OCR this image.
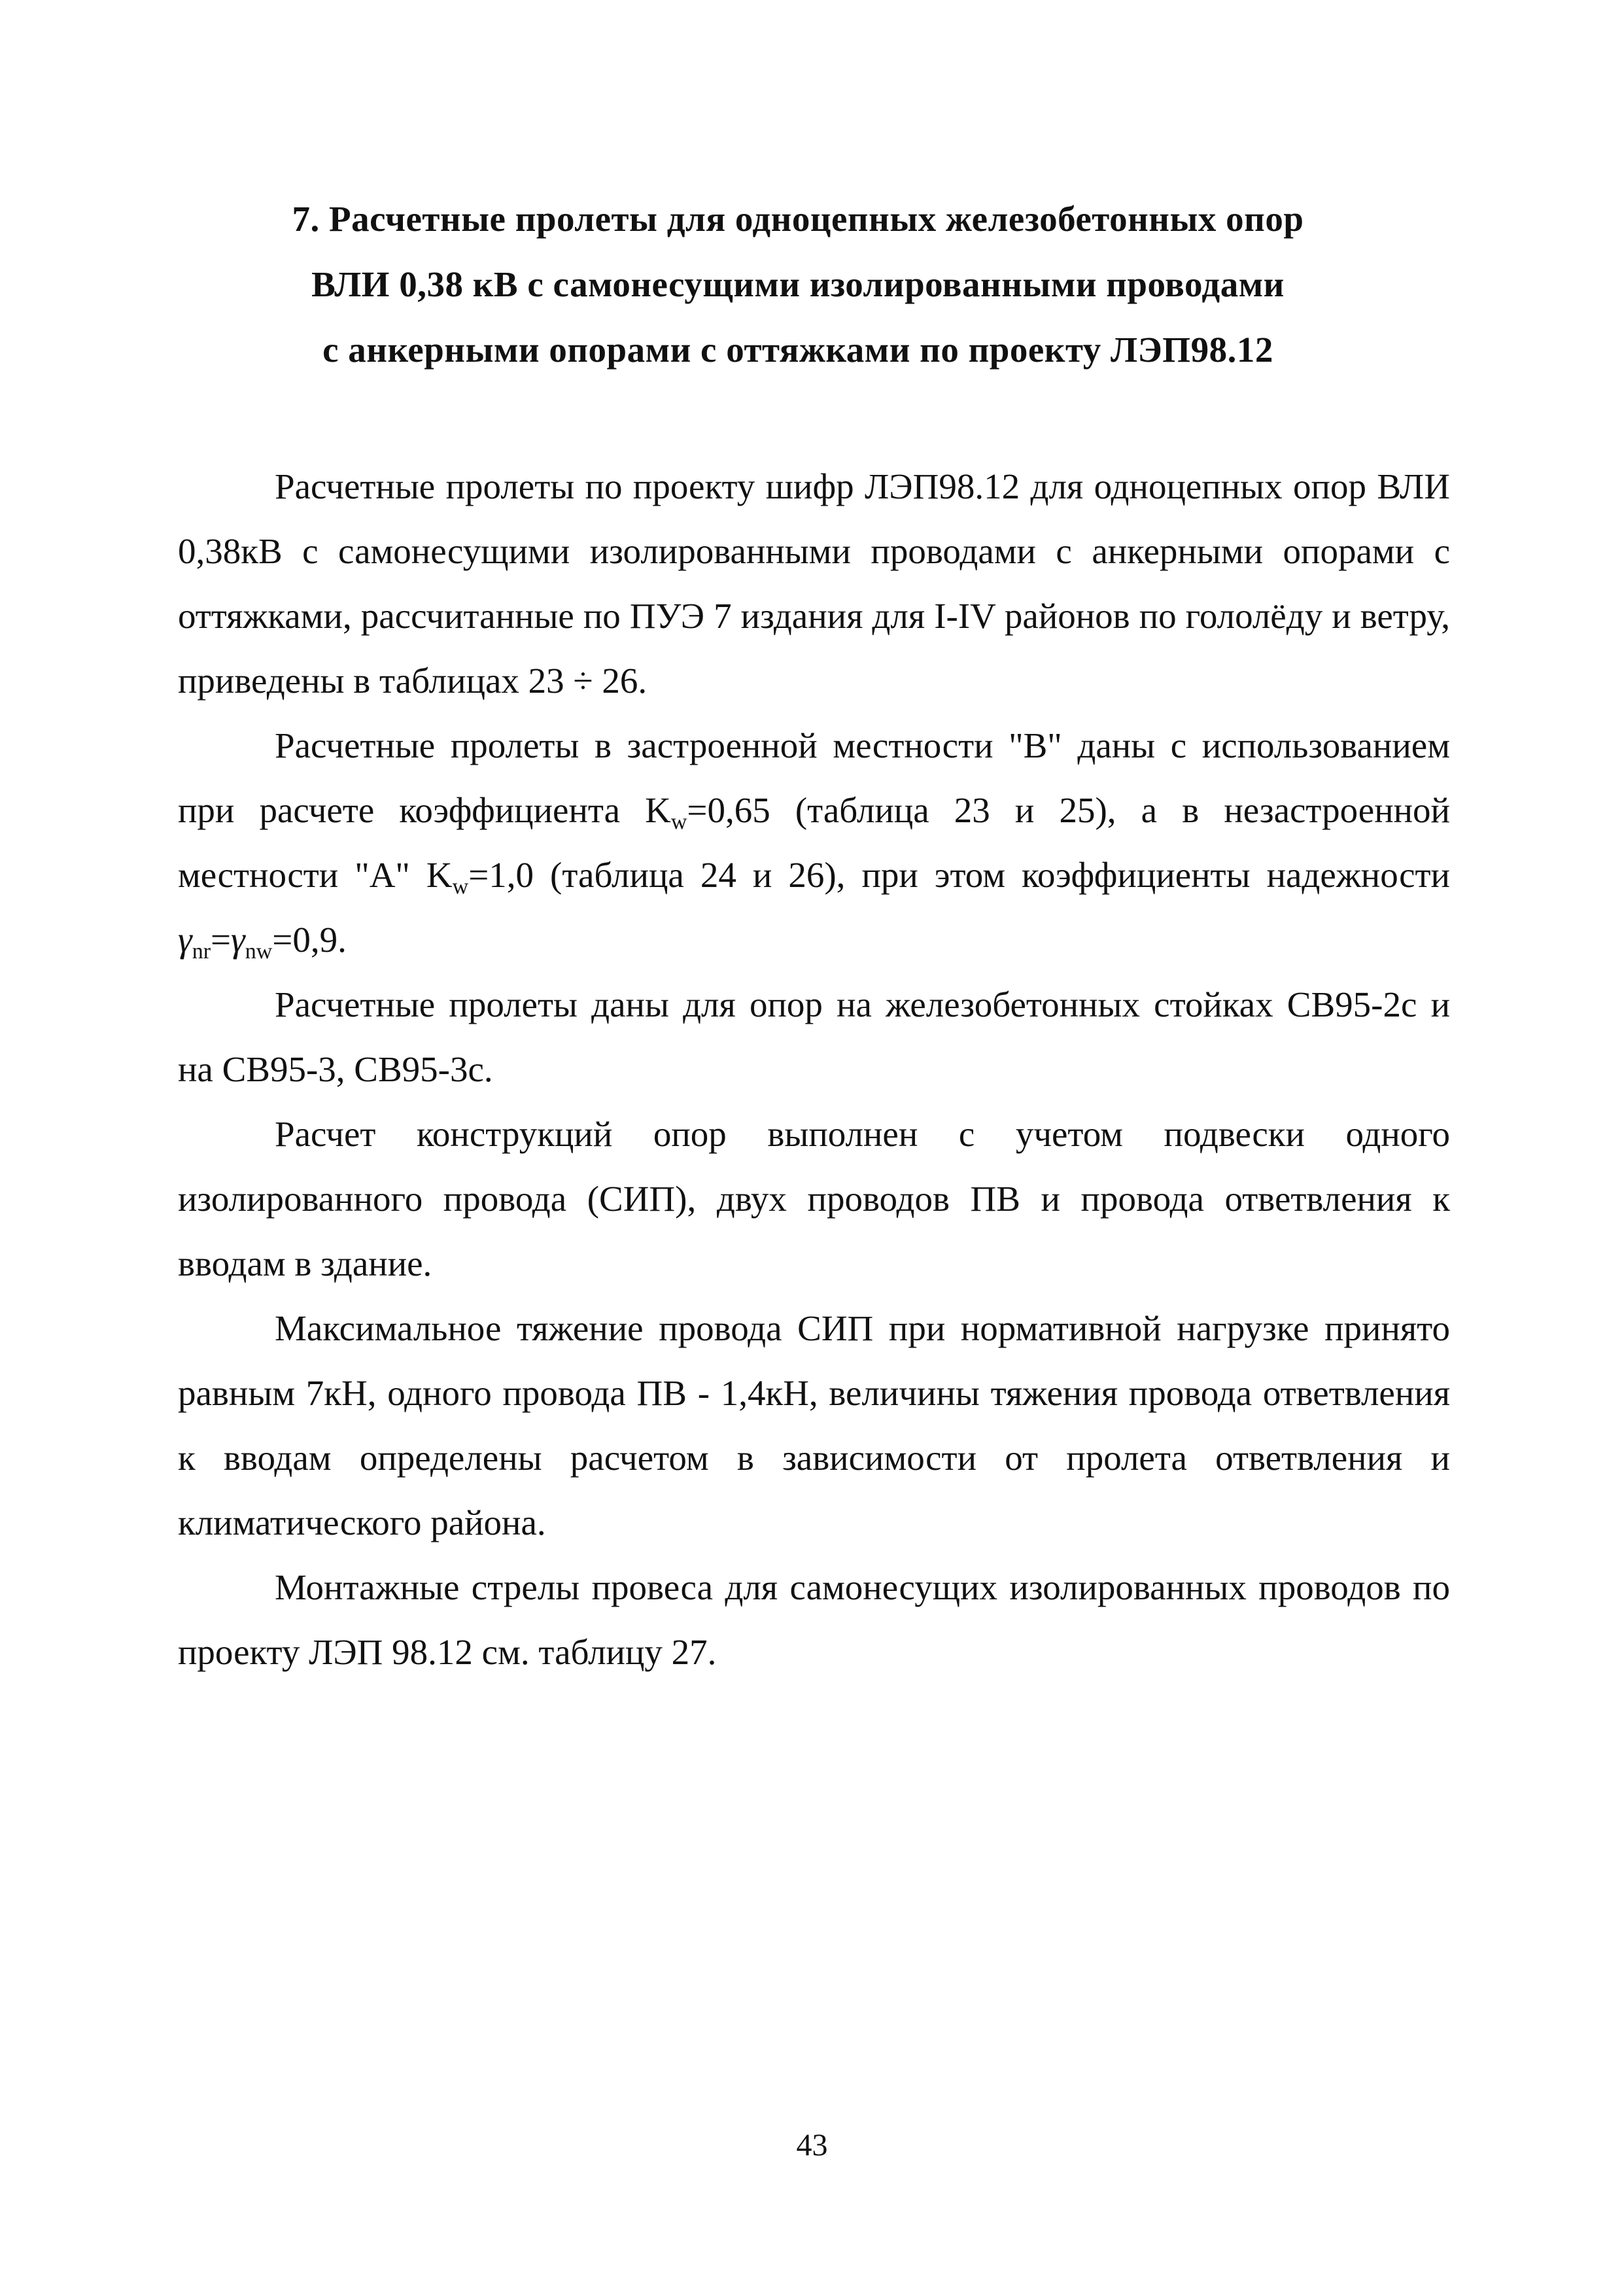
7. Расчетные пролеты для одноцепных железобетонных опор
ВЛИ 0,38 кВ с самонесущими изолированными проводами
с анкерными опорами с оттяжками по проекту ЛЭП98.12

Расчетные пролеты по проекту шифр ЛЭП98.12 для одноцепных опор ВЛИ 0,38кВ с самонесущими изолированными проводами с анкерными опорами с оттяжками, рассчитанные по ПУЭ 7 издания для I-IV районов по гололёду и ветру, приведены в таблицах 23 ÷ 26.

Расчетные пролеты в застроенной местности "В" даны с использованием при расчете коэффициента $K_w=0,65$ (таблица 23 и 25), а в незастроенной местности "А" $K_w=1,0$ (таблица 24 и 26), при этом коэффициенты надежности $\gamma_{nr}=\gamma_{nw}=0,9$.

Расчетные пролеты даны для опор на железобетонных стойках СВ95-2с и на СВ95-3, СВ95-3с.

Расчет конструкций опор выполнен с учетом подвески одного изолированного провода (СИП), двух проводов ПВ и провода ответвления к вводам в здание.

Максимальное тяжение провода СИП при нормативной нагрузке принято равным 7кН, одного провода ПВ - 1,4кН, величины тяжения провода ответвления к вводам определены расчетом в зависимости от пролета ответвления и климатического района.

Монтажные стрелы провеса для самонесущих изолированных проводов по проекту ЛЭП 98.12 см. таблицу 27.

43
